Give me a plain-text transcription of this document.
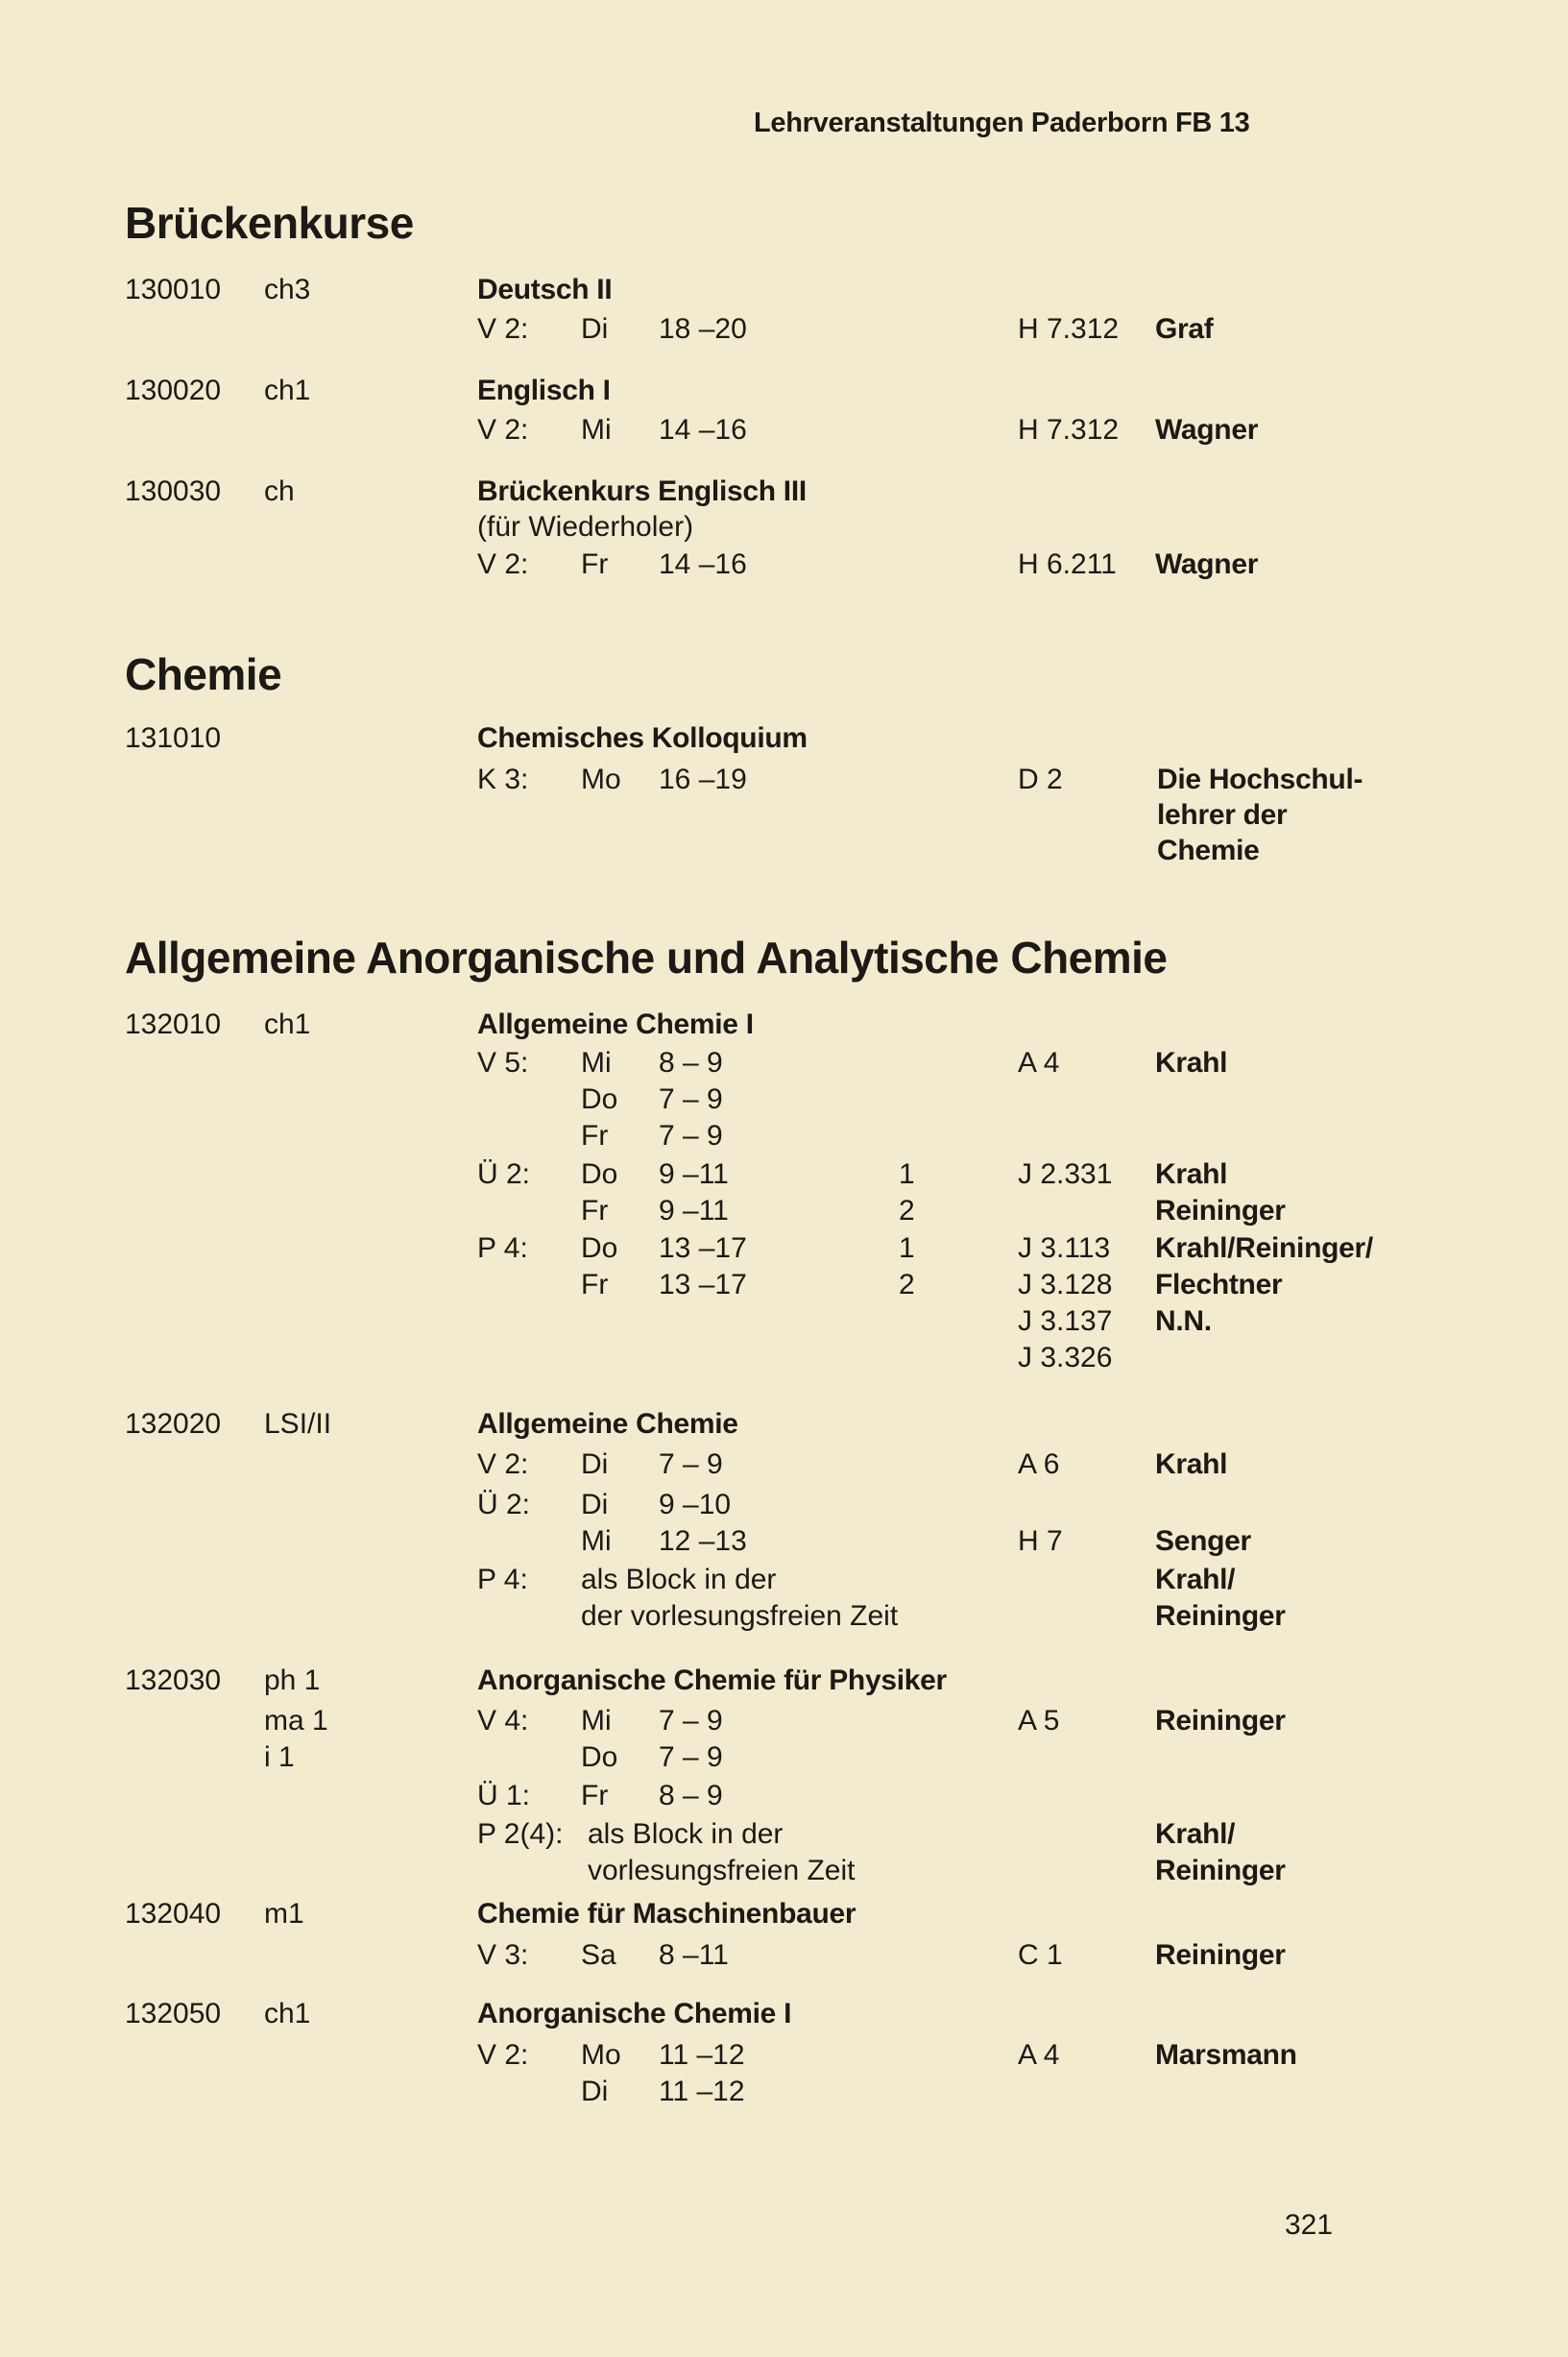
Lehrveranstaltungen Paderborn FB 13
Brückenkurse
130010 ch3	Deutsch II
V 2: Di 18 –20	H 7.312 Graf
130020 ch1	Englisch I
V 2: Mi 14 –16	H 7.312 Wagner
130030 ch	Brückenkurs Englisch III
(für Wiederholer)
V 2: Fr 14 –16	H 6.211 Wagner
Chemie
131010	Chemisches Kolloquium
K 3: Mo 16 –19	D 2	Die Hochschul-
lehrer der
Chemie
Allgemeine Anorganische und Analytische Chemie
132010 ch1	Allgemeine Chemie I
V 5: Mi 8 – 9	A 4	Krahl
Do 7 – 9
Fr 7 – 9
Ü 2: Do 9 –11	1	J 2.331 Krahl
Fr 9 –11	2	Reininger
P 4: Do 13 –17	1	J 3.113 Krahl/Reininger/
Fr 13 –17	2	J 3.128 Flechtner
J 3.137 N.N.
J 3.326
132020 LSI/II	Allgemeine Chemie
V 2: Di 7 – 9	A 6	Krahl
Ü 2: Di 9 –10
Mi 12 –13	H 7	Senger
P 4: als Block in der	Krahl/
der vorlesungsfreien Zeit	Reininger
132030 ph 1	Anorganische Chemie für Physiker
ma 1	V 4: Mi 7 – 9	A 5	Reininger
i 1	Do 7 – 9
Ü 1: Fr 8 – 9
P 2(4): als Block in der	Krahl/
vorlesungsfreien Zeit	Reininger
132040 m1	Chemie für Maschinenbauer
V 3: Sa 8 –11	C 1	Reininger
132050 ch1	Anorganische Chemie I
V 2: Mo 11 –12	A 4	Marsmann
Di 11 –12
321
